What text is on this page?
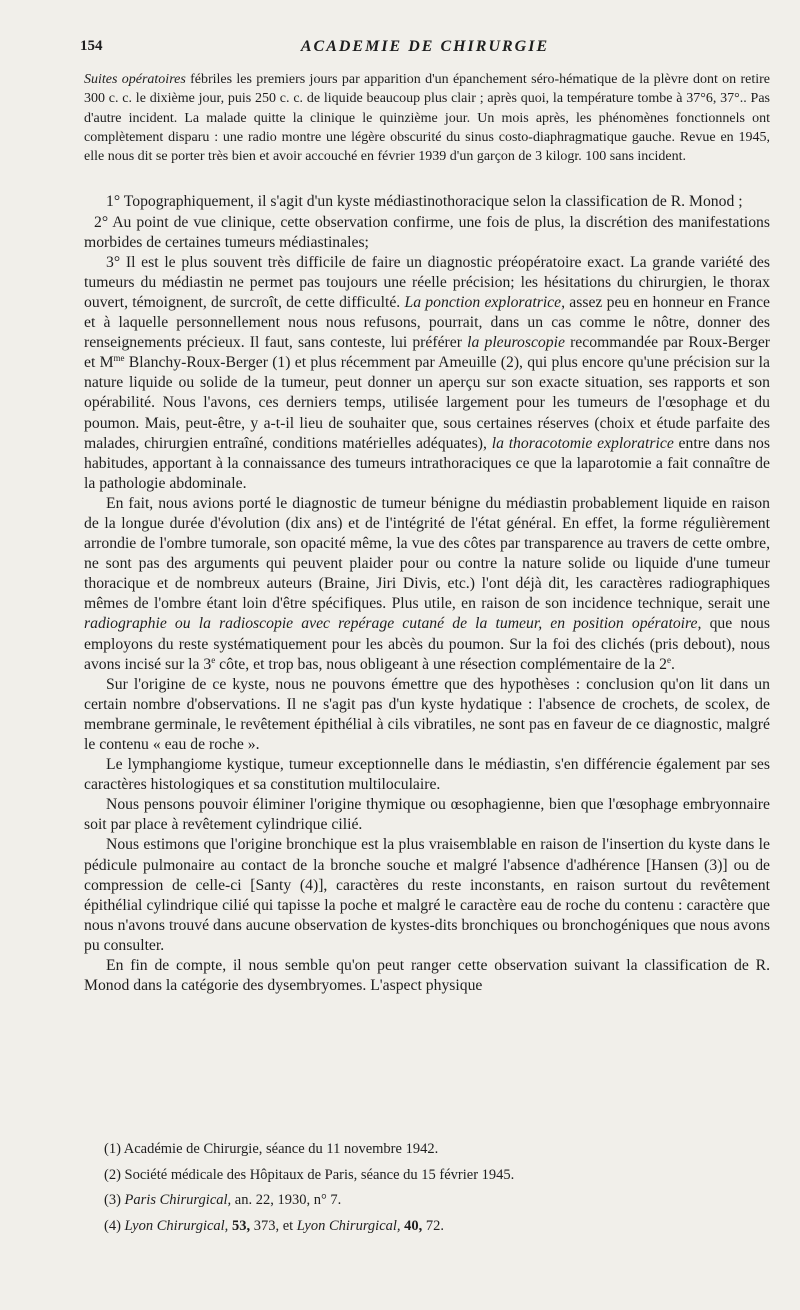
154	ACADEMIE DE CHIRURGIE

Suites opératoires fébriles les premiers jours par apparition d'un épanchement séro-hématique de la plèvre dont on retire 300 c. c. le dixième jour, puis 250 c. c. de liquide beaucoup plus clair ; après quoi, la température tombe à 37°6, 37°.. Pas d'autre incident. La malade quitte la clinique le quinzième jour. Un mois après, les phénomènes fonctionnels ont complètement disparu : une radio montre une légère obscurité du sinus costo-diaphragmatique gauche. Revue en 1945, elle nous dit se porter très bien et avoir accouché en février 1939 d'un garçon de 3 kilogr. 100 sans incident.

1° Topographiquement, il s'agit d'un kyste médiastinothoracique selon la classification de R. Monod ;

2° Au point de vue clinique, cette observation confirme, une fois de plus, la discrétion des manifestations morbides de certaines tumeurs médiastinales;

3° Il est le plus souvent très difficile de faire un diagnostic préopératoire exact. La grande variété des tumeurs du médiastin ne permet pas toujours une réelle précision; les hésitations du chirurgien, le thorax ouvert, témoignent, de surcroît, de cette difficulté. La ponction exploratrice, assez peu en honneur en France et à laquelle personnellement nous nous refusons, pourrait, dans un cas comme le nôtre, donner des renseignements précieux. Il faut, sans conteste, lui préférer la pleuroscopie recommandée par Roux-Berger et $M^{me}$ Blanchy-Roux-Berger (1) et plus récemment par Ameuille (2), qui plus encore qu'une précision sur la nature liquide ou solide de la tumeur, peut donner un aperçu sur son exacte situation, ses rapports et son opérabilité. Nous l'avons, ces derniers temps, utilisée largement pour les tumeurs de l'œsophage et du poumon. Mais, peut-être, y a-t-il lieu de souhaiter que, sous certaines réserves (choix et étude parfaite des malades, chirurgien entraîné, conditions matérielles adéquates), la thoracotomie exploratrice entre dans nos habitudes, apportant à la connaissance des tumeurs intrathoraciques ce que la laparotomie a fait connaître de la pathologie abdominale.

En fait, nous avions porté le diagnostic de tumeur bénigne du médiastin probablement liquide en raison de la longue durée d'évolution (dix ans) et de l'intégrité de l'état général. En effet, la forme régulièrement arrondie de l'ombre tumorale, son opacité même, la vue des côtes par transparence au travers de cette ombre, ne sont pas des arguments qui peuvent plaider pour ou contre la nature solide ou liquide d'une tumeur thoracique et de nombreux auteurs (Braine, Jiri Divis, etc.) l'ont déjà dit, les caractères radiographiques mêmes de l'ombre étant loin d'être spécifiques. Plus utile, en raison de son incidence technique, serait une radiographie ou la radioscopie avec repérage cutané de la tumeur, en position opératoire, que nous employons du reste systématiquement pour les abcès du poumon. Sur la foi des clichés (pris debout), nous avons incisé sur la 3e côte, et trop bas, nous obligeant à une résection complémentaire de la 2e.

Sur l'origine de ce kyste, nous ne pouvons émettre que des hypothèses : conclusion qu'on lit dans un certain nombre d'observations. Il ne s'agit pas d'un kyste hydatique : l'absence de crochets, de scolex, de membrane germinale, le revêtement épithélial à cils vibratiles, ne sont pas en faveur de ce diagnostic, malgré le contenu « eau de roche ».

Le lymphangiome kystique, tumeur exceptionnelle dans le médiastin, s'en différencie également par ses caractères histologiques et sa constitution multiloculaire.

Nous pensons pouvoir éliminer l'origine thymique ou œsophagienne, bien que l'œsophage embryonnaire soit par place à revêtement cylindrique cilié.

Nous estimons que l'origine bronchique est la plus vraisemblable en raison de l'insertion du kyste dans le pédicule pulmonaire au contact de la bronche souche et malgré l'absence d'adhérence [Hansen (3)] ou de compression de celle-ci [Santy (4)], caractères du reste inconstants, en raison surtout du revêtement épithélial cylindrique cilié qui tapisse la poche et malgré le caractère eau de roche du contenu : caractère que nous n'avons trouvé dans aucune observation de kystes-dits bronchiques ou bronchogéniques que nous avons pu consulter.

En fin de compte, il nous semble qu'on peut ranger cette observation suivant la classification de R. Monod dans la catégorie des dysembryomes. L'aspect physique

(1) Académie de Chirurgie, séance du 11 novembre 1942.
(2) Société médicale des Hôpitaux de Paris, séance du 15 février 1945.
(3) Paris Chirurgical, an. 22, 1930, n° 7.
(4) Lyon Chirurgical, 53, 373, et Lyon Chirurgical, 40, 72.
